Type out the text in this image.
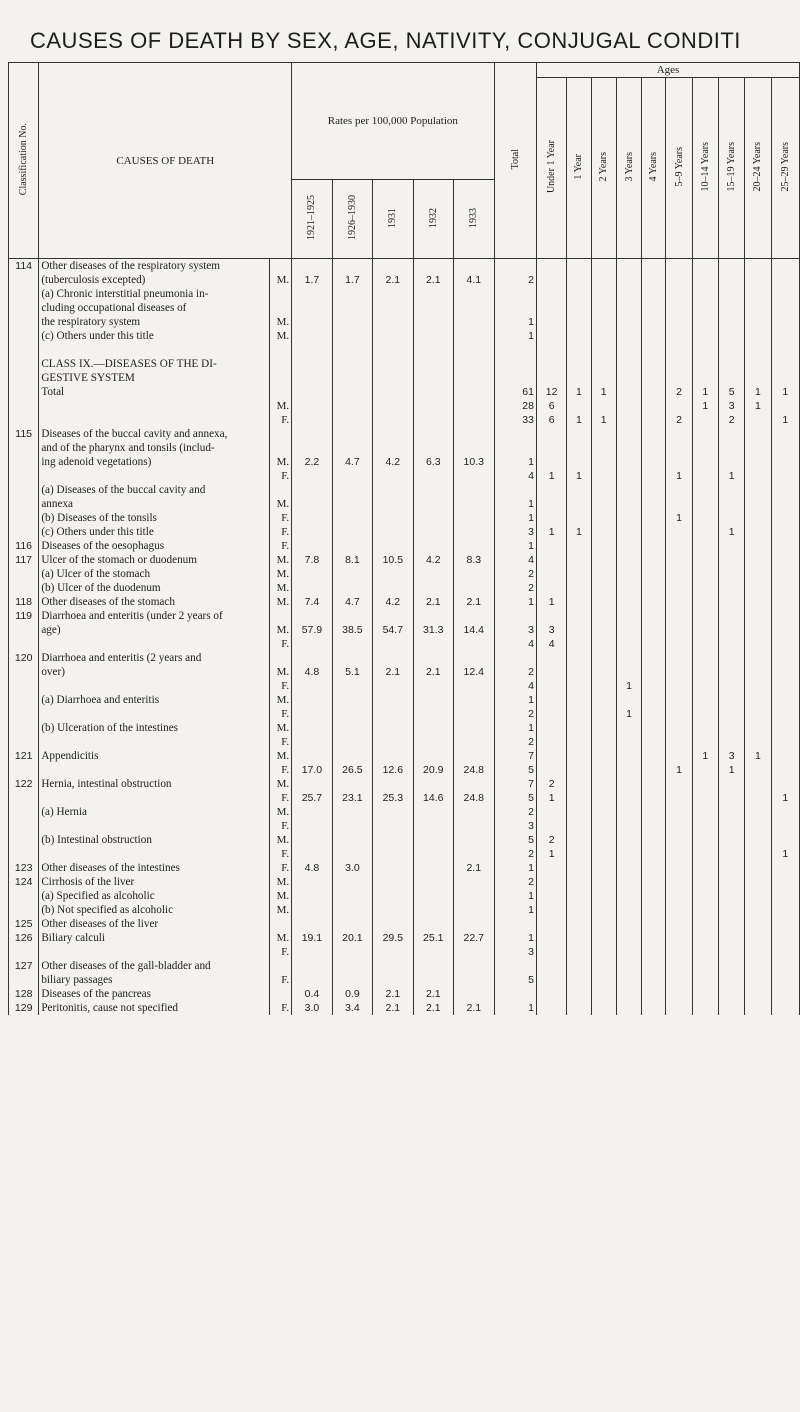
CAUSES OF DEATH BY SEX, AGE, NATIVITY, CONJUGAL CONDITI
Classification No.	CAUSES OF DEATH		Rates per 100,000 Population					Total	Ages									
									Under 1 Year	1 Year	2 Years	3 Years	4 Years	5–9 Years	10–14 Years	15–19 Years	20–24 Years	25–29 Years
			1921–1925	1926–1930	1931	1932	1933											
114	Other diseases of the respiratory system																	
	(tuberculosis excepted)	M.	1.7	1.7	2.1	2.1	4.1	2										
	(a) Chronic interstitial pneumonia in-																	
	cluding occupational diseases of																	
	the respiratory system	M.						1										
	(c) Others under this title	M.						1										

	CLASS IX.—DISEASES OF THE DI-																	
	GESTIVE SYSTEM																	
	Total							61	12	1	1			2	1	5	1	1
		M.						28	6						1	3	1	
		F.						33	6	1	1			2		2		1
115	Diseases of the buccal cavity and annexa,																	
	and of the pharynx and tonsils (includ-																	
	ing adenoid vegetations)	M.	2.2	4.7	4.2	6.3	10.3	1										
		F.						4	1	1				1		1		
	(a) Diseases of the buccal cavity and																	
	annexa	M.						1										
	(b) Diseases of the tonsils	F.						1						1				
	(c) Others under this title	F.						3	1	1						1		
116	Diseases of the oesophagus	F.						1										
117	Ulcer of the stomach or duodenum	M.	7.8	8.1	10.5	4.2	8.3	4										
	(a) Ulcer of the stomach	M.						2										
	(b) Ulcer of the duodenum	M.						2										
118	Other diseases of the stomach	M.	7.4	4.7	4.2	2.1	2.1	1	1									
119	Diarrhoea and enteritis (under 2 years of																	
	age)	M.	57.9	38.5	54.7	31.3	14.4	3	3									
		F.						4	4									
120	Diarrhoea and enteritis (2 years and																	
	over)	M.	4.8	5.1	2.1	2.1	12.4	2										
		F.						4				1						
	(a) Diarrhoea and enteritis	M.						1										
		F.						2				1						
	(b) Ulceration of the intestines	M.						1										
		F.						2										
121	Appendicitis	M.						7							1	3	1	
		F.	17.0	26.5	12.6	20.9	24.8	5						1		1		
122	Hernia, intestinal obstruction	M.						7	2									
		F.	25.7	23.1	25.3	14.6	24.8	5	1									1
	(a) Hernia	M.						2										
		F.						3										
	(b) Intestinal obstruction	M.						5	2									
		F.						2	1									1
123	Other diseases of the intestines	F.	4.8	3.0			2.1	1										
124	Cirrhosis of the liver	M.						2										
	(a) Specified as alcoholic	M.						1										
	(b) Not specified as alcoholic	M.						1										
125	Other diseases of the liver																	
126	Biliary calculi	M.	19.1	20.1	29.5	25.1	22.7	1										
		F.						3										
127	Other diseases of the gall-bladder and																	
	biliary passages	F.						5										
128	Diseases of the pancreas		0.4	0.9	2.1	2.1												
129	Peritonitis, cause not specified	F.	3.0	3.4	2.1	2.1	2.1	1										
